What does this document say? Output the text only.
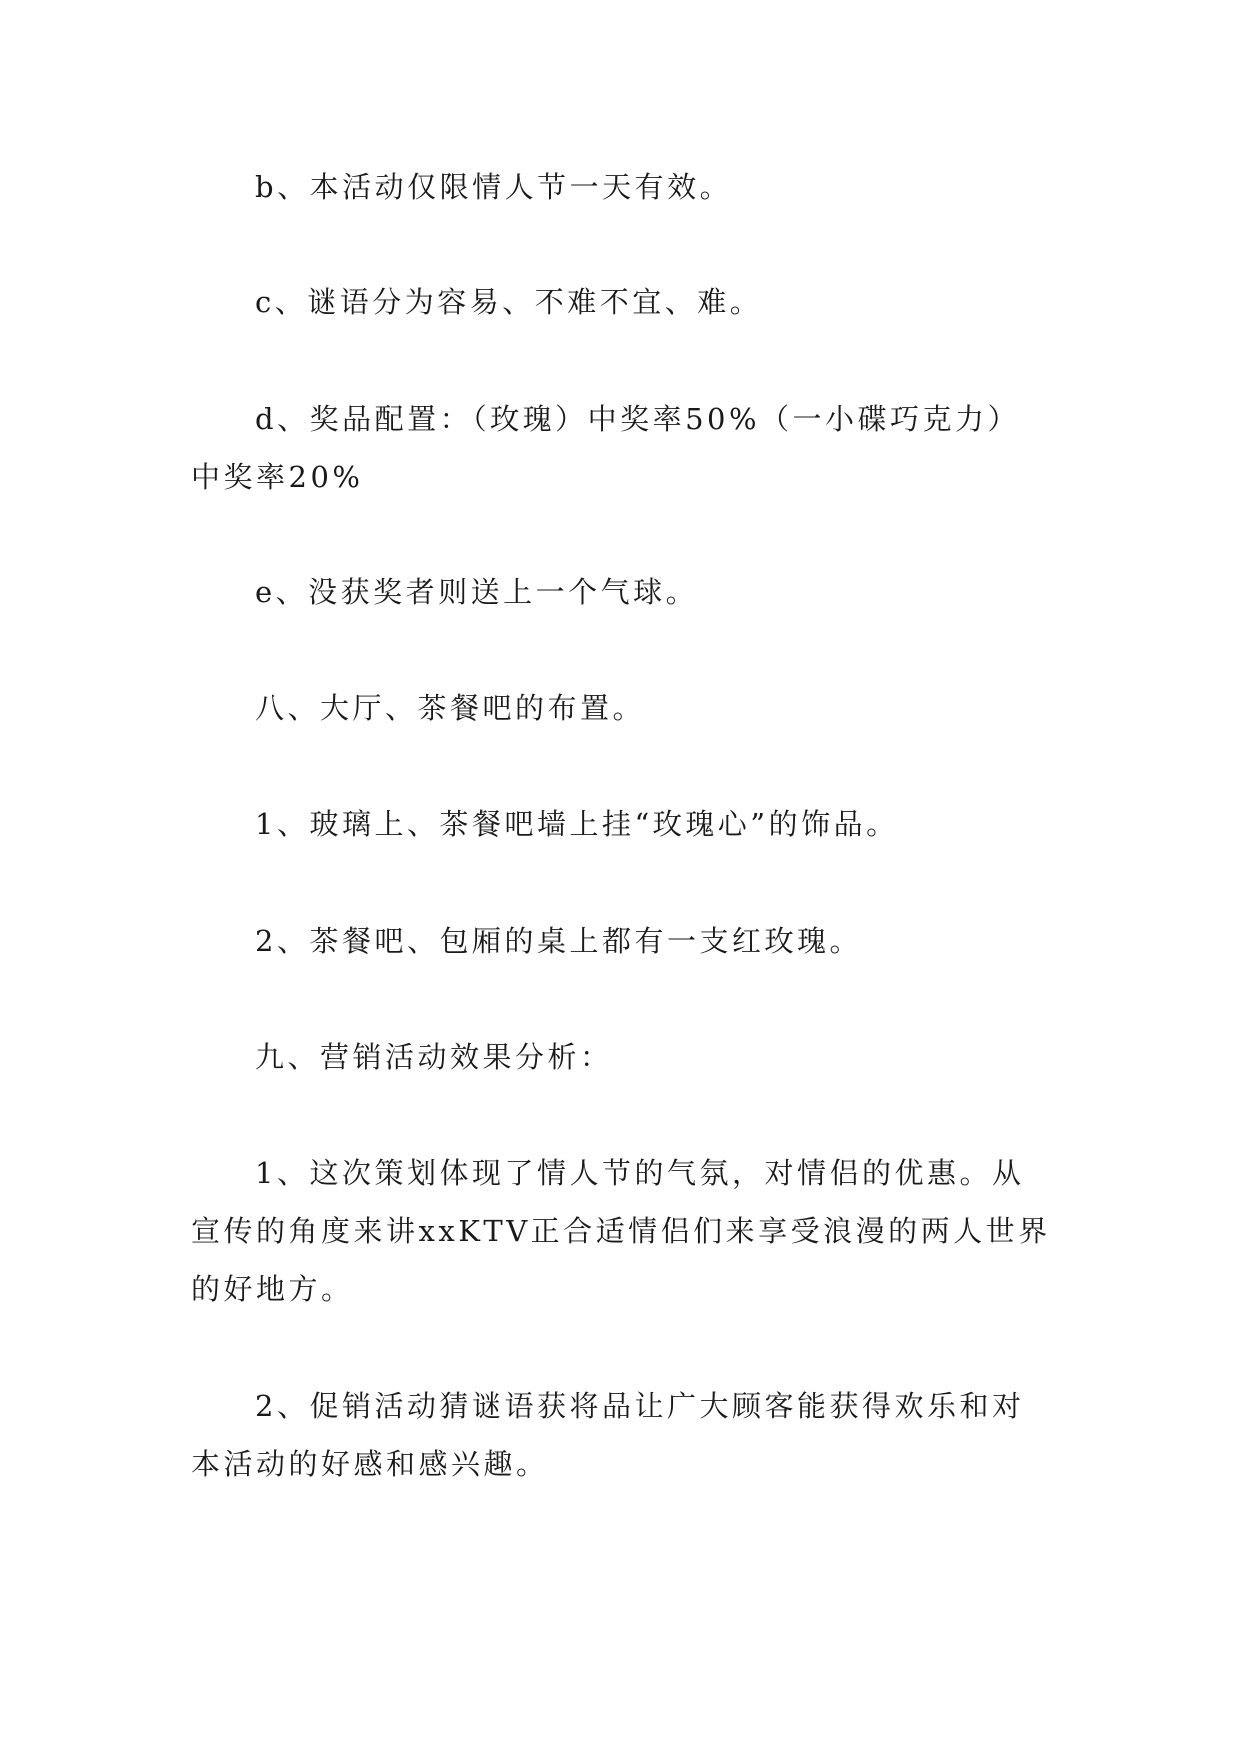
b、本活动仅限情人节一天有效。

c、谜语分为容易、不难不宜、难。

d、奖品配置：（玫瑰）中奖率50%（一小碟巧克力）中奖率20%

e、没获奖者则送上一个气球。

八、大厅、茶餐吧的布置。

1、玻璃上、茶餐吧墙上挂“玫瑰心”的饰品。

2、茶餐吧、包厢的桌上都有一支红玫瑰。

九、营销活动效果分析：

1、这次策划体现了情人节的气氛，对情侣的优惠。从宣传的角度来讲xxKTV正合适情侣们来享受浪漫的两人世界的好地方。

2、促销活动猜谜语获将品让广大顾客能获得欢乐和对本活动的好感和感兴趣。
